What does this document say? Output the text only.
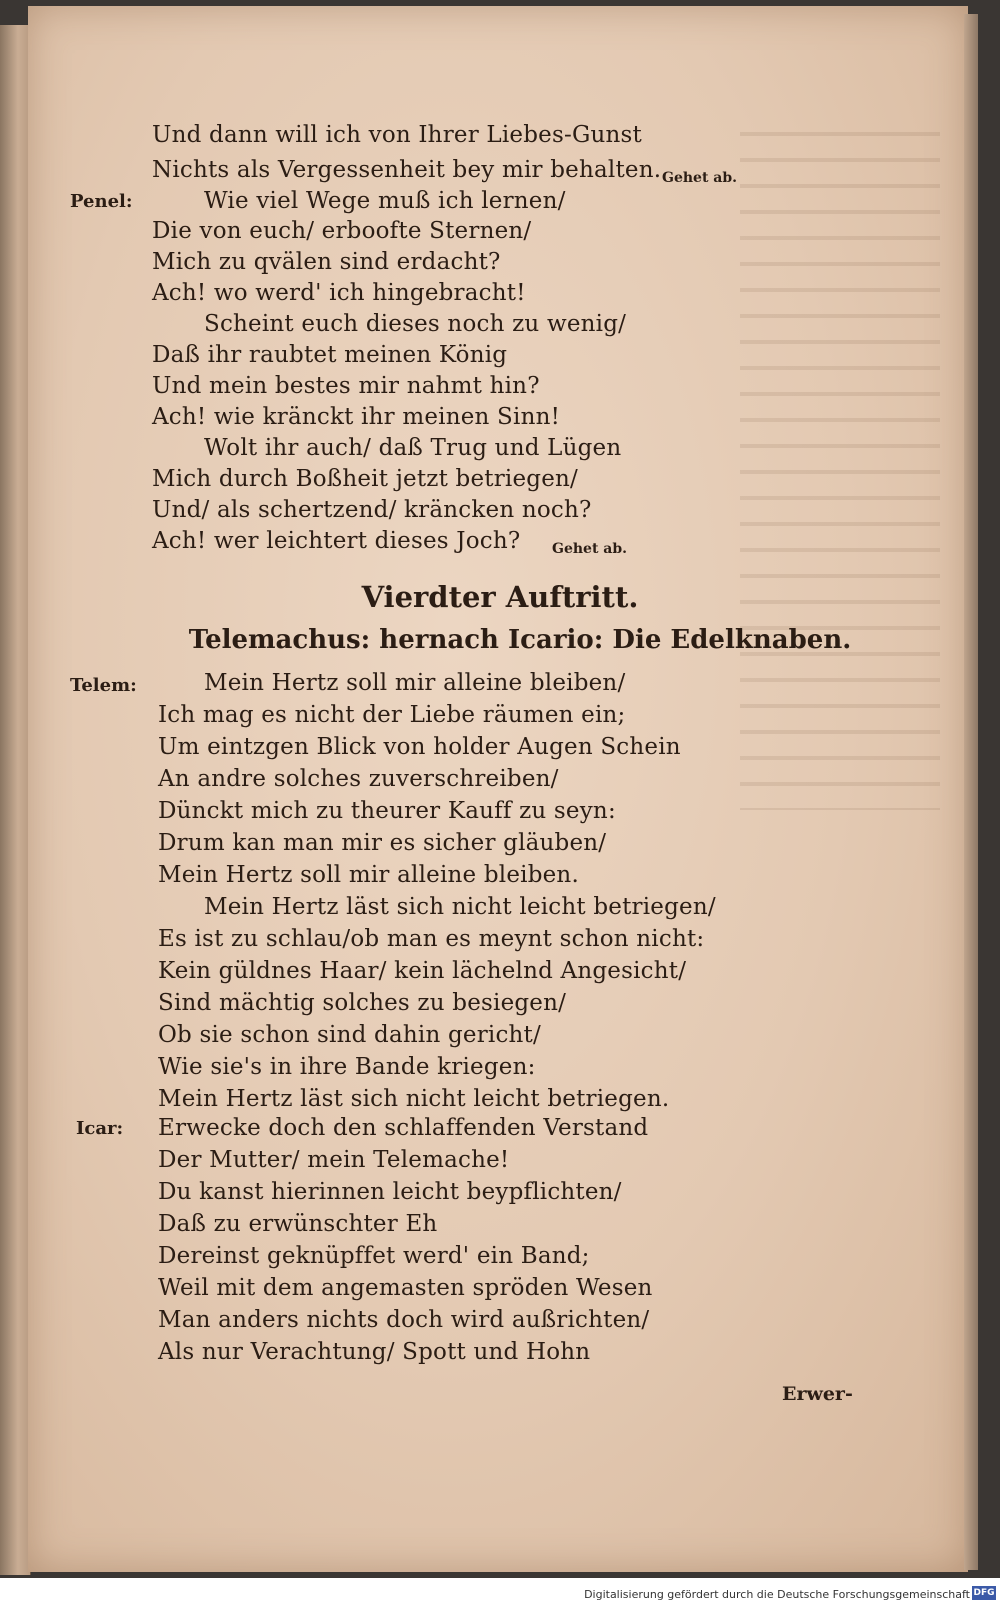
Und dann will ich von Ihrer Liebes-Gunst
Nichts als Vergessenheit bey mir behalten. Gehet ab.
Penel:	Wie viel Wege muß ich lernen/
Die von euch/ erboofte Sternen/
Mich zu qvälen sind erdacht?
Ach! wo werd' ich hingebracht!
Scheint euch dieses noch zu wenig/
Daß ihr raubtet meinen König
Und mein bestes mir nahmt hin?
Ach! wie kränckt ihr meinen Sinn!
Wolt ihr auch/ daß Trug und Lügen
Mich durch Boßheit jetzt betriegen/
Und/ als schertzend/ kräncken noch?
Ach! wer leichtert dieses Joch? Gehet ab.
Vierdter Auftritt.
Telemachus: hernach Icario: Die Edelknaben.
Telem:	Mein Hertz soll mir alleine bleiben/
Ich mag es nicht der Liebe räumen ein;
Um eintzgen Blick von holder Augen Schein
An andre solches zuverschreiben/
Dünckt mich zu theurer Kauff zu seyn:
Drum kan man mir es sicher gläuben/
Mein Hertz soll mir alleine bleiben.
Mein Hertz läst sich nicht leicht betriegen/
Es ist zu schlau/ob man es meynt schon nicht:
Kein güldnes Haar/ kein lächelnd Angesicht/
Sind mächtig solches zu besiegen/
Ob sie schon sind dahin gericht/
Wie sie's in ihre Bande kriegen:
Mein Hertz läst sich nicht leicht betriegen.
Icar: Erwecke doch den schlaffenden Verstand
Der Mutter/ mein Telemache!
Du kanst hierinnen leicht beypflichten/
Daß zu erwünschter Eh
Dereinst geknüpffet werd' ein Band;
Weil mit dem angemasten spröden Wesen
Man anders nichts doch wird außrichten/
Als nur Verachtung/ Spott und Hohn
Erwer-
Digitalisierung gefördert durch die Deutsche Forschungsgemeinschaft DFG
